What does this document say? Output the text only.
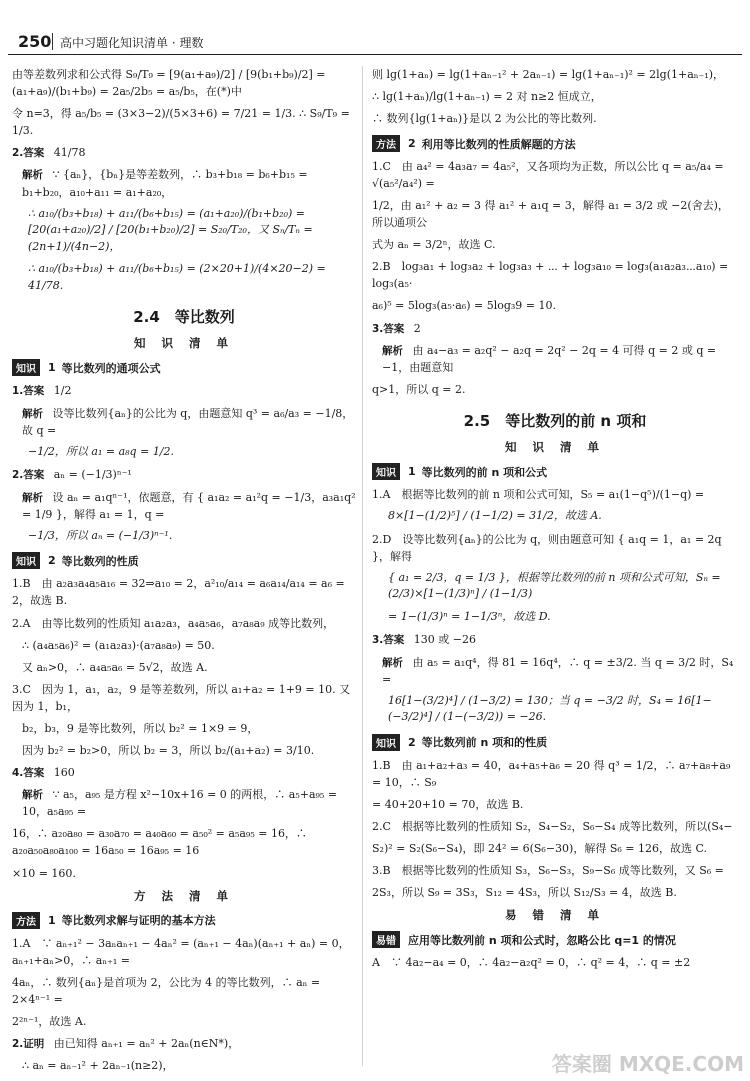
250 高中习题化知识清单 · 理数
由等差数列求和公式得 S₉/T₉ = [9(a₁+a₉)/2] / [9(b₁+b₉)/2] = (a₁+a₉)/(b₁+b₉) = 2a₅/2b₅ = a₅/b₅，在(*)中
令 n=3，得 a₅/b₅ = (3×3−2)/(5×3+6) = 7/21 = 1/3. ∴ S₉/T₉ = 1/3.
2.答案 41/78
解析 ∵ {aₙ}，{bₙ}是等差数列，∴ b₃+b₁₈ = b₆+b₁₅ = b₁+b₂₀，a₁₀+a₁₁ = a₁+a₂₀，
∴ a₁₀/(b₃+b₁₈) + a₁₁/(b₆+b₁₅) = (a₁+a₂₀)/(b₁+b₂₀) = [20(a₁+a₂₀)/2] / [20(b₁+b₂₀)/2] = S₂₀/T₂₀，又 Sₙ/Tₙ = (2n+1)/(4n−2)，
∴ a₁₀/(b₃+b₁₈) + a₁₁/(b₆+b₁₅) = (2×20+1)/(4×20−2) = 41/78.
2.4　等比数列
知 识 清 单
知识	1 等比数列的通项公式
1.答案 1/2
解析 设等比数列{aₙ}的公比为 q，由题意知 q³ = a₆/a₃ = −1/8，故 q =
−1/2，所以 a₁ = a₈q = 1/2.
2.答案 aₙ = (−1/3)ⁿ⁻¹
解析 设 aₙ = a₁qⁿ⁻¹，依题意，有 { a₁a₂ = a₁²q = −1/3，a₃a₁q² = 1/9 }，解得 a₁ = 1，q =
−1/3，所以 aₙ = (−1/3)ⁿ⁻¹.
知识	2 等比数列的性质
1.B　由 a₂a₃a₄a₅a₁₆ = 32⇒a₁₀ = 2，a²₁₀/a₁₄ = a₆a₁₄/a₁₄ = a₆ = 2，故选 B.
2.A　由等比数列的性质知 a₁a₂a₃，a₄a₅a₆，a₇a₈a₉ 成等比数列，
∴ (a₄a₅a₆)² = (a₁a₂a₃)·(a₇a₈a₉) = 50.
又 aₙ>0，∴ a₄a₅a₆ = 5√2，故选 A.
3.C　因为 1，a₁，a₂，9 是等差数列，所以 a₁+a₂ = 1+9 = 10. 又因为 1，b₁，
b₂，b₃，9 是等比数列，所以 b₂² = 1×9 = 9，
因为 b₂² = b₂>0，所以 b₂ = 3，所以 b₂/(a₁+a₂) = 3/10.
4.答案 160
解析 ∵ a₅，a₉₅ 是方程 x²−10x+16 = 0 的两根，∴ a₅+a₉₅ = 10，a₅a₉₅ =
16，∴ a₂₀a₈₀ = a₃₀a₇₀ = a₄₀a₆₀ = a₅₀² = a₅a₉₅ = 16，∴ a₂₀a₅₀a₈₀a₁₀₀ = 16a₅₀ = 16a₉₅ = 16
×10 = 160.
方 法 清 单
方法	1 等比数列求解与证明的基本方法
1.A　∵ aₙ₊₁² − 3aₙaₙ₊₁ − 4aₙ² = (aₙ₊₁ − 4aₙ)(aₙ₊₁ + aₙ) = 0，aₙ₊₁+aₙ>0，∴ aₙ₊₁ =
4aₙ，∴ 数列{aₙ}是首项为 2，公比为 4 的等比数列，∴ aₙ = 2×4ⁿ⁻¹ =
2²ⁿ⁻¹，故选 A.
2.证明 由已知得 aₙ₊₁ = aₙ² + 2aₙ(n∈N*)，
∴ aₙ = aₙ₋₁² + 2aₙ₋₁(n≥2)，
则 lg(1+aₙ) = lg(1+aₙ₋₁² + 2aₙ₋₁) = lg(1+aₙ₋₁)² = 2lg(1+aₙ₋₁)，
∴ lg(1+aₙ)/lg(1+aₙ₋₁) = 2 对 n≥2 恒成立，
∴ 数列{lg(1+aₙ)}是以 2 为公比的等比数列.
方法	2 利用等比数列的性质解题的方法
1.C　由 a₄² = 4a₃a₇ = 4a₅²，又各项均为正数，所以公比 q = a₅/a₄ = √(a₅²/a₄²) =
1/2，由 a₁² + a₂ = 3 得 a₁² + a₁q = 3，解得 a₁ = 3/2 或 −2(舍去)，所以通项公
式为 aₙ = 3/2ⁿ，故选 C.
2.B　log₃a₁ + log₃a₂ + log₃a₃ + ⋯ + log₃a₁₀ = log₃(a₁a₂a₃⋯a₁₀) = log₃(a₅·
a₆)⁵ = 5log₃(a₅·a₆) = 5log₃9 = 10.
3.答案 2
解析 由 a₄−a₃ = a₂q² − a₂q = 2q² − 2q = 4 可得 q = 2 或 q = −1，由题意知
q>1，所以 q = 2.
2.5　等比数列的前 n 项和
知 识 清 单
知识	1 等比数列的前 n 项和公式
1.A　根据等比数列的前 n 项和公式可知，S₅ = a₁(1−q⁵)/(1−q) =
8×[1−(1/2)⁵] / (1−1/2) = 31/2，故选 A.
2.D　设等比数列{aₙ}的公比为 q，则由题意可知 { a₁q = 1，a₁ = 2q }，解得
{ a₁ = 2/3，q = 1/3 }，根据等比数列的前 n 项和公式可知，Sₙ = (2/3)×[1−(1/3)ⁿ] / (1−1/3)
= 1−(1/3)ⁿ = 1−1/3ⁿ，故选 D.
3.答案 130 或 −26
解析 由 a₅ = a₁q⁴，得 81 = 16q⁴，∴ q = ±3/2. 当 q = 3/2 时，S₄ =
16[1−(3/2)⁴] / (1−3/2) = 130；当 q = −3/2 时，S₄ = 16[1−(−3/2)⁴] / (1−(−3/2)) = −26.
知识	2 等比数列前 n 项和的性质
1.B　由 a₁+a₂+a₃ = 40，a₄+a₅+a₆ = 20 得 q³ = 1/2，∴ a₇+a₈+a₉ = 10，∴ S₉
= 40+20+10 = 70，故选 B.
2.C　根据等比数列的性质知 S₂，S₄−S₂，S₆−S₄ 成等比数列，所以(S₄−
S₂)² = S₂(S₆−S₄)，即 24² = 6(S₆−30)，解得 S₆ = 126，故选 C.
3.B　根据等比数列的性质知 S₃，S₆−S₃，S₉−S₆ 成等比数列，又 S₆ =
2S₃，所以 S₉ = 3S₃，S₁₂ = 4S₃，所以 S₁₂/S₃ = 4，故选 B.
易 错 清 单
易错	应用等比数列前 n 项和公式时，忽略公比 q=1 的情况
A　∵ 4a₂−a₄ = 0，∴ 4a₂−a₂q² = 0，∴ q² = 4，∴ q = ±2
答案圈 MXQE.COM
